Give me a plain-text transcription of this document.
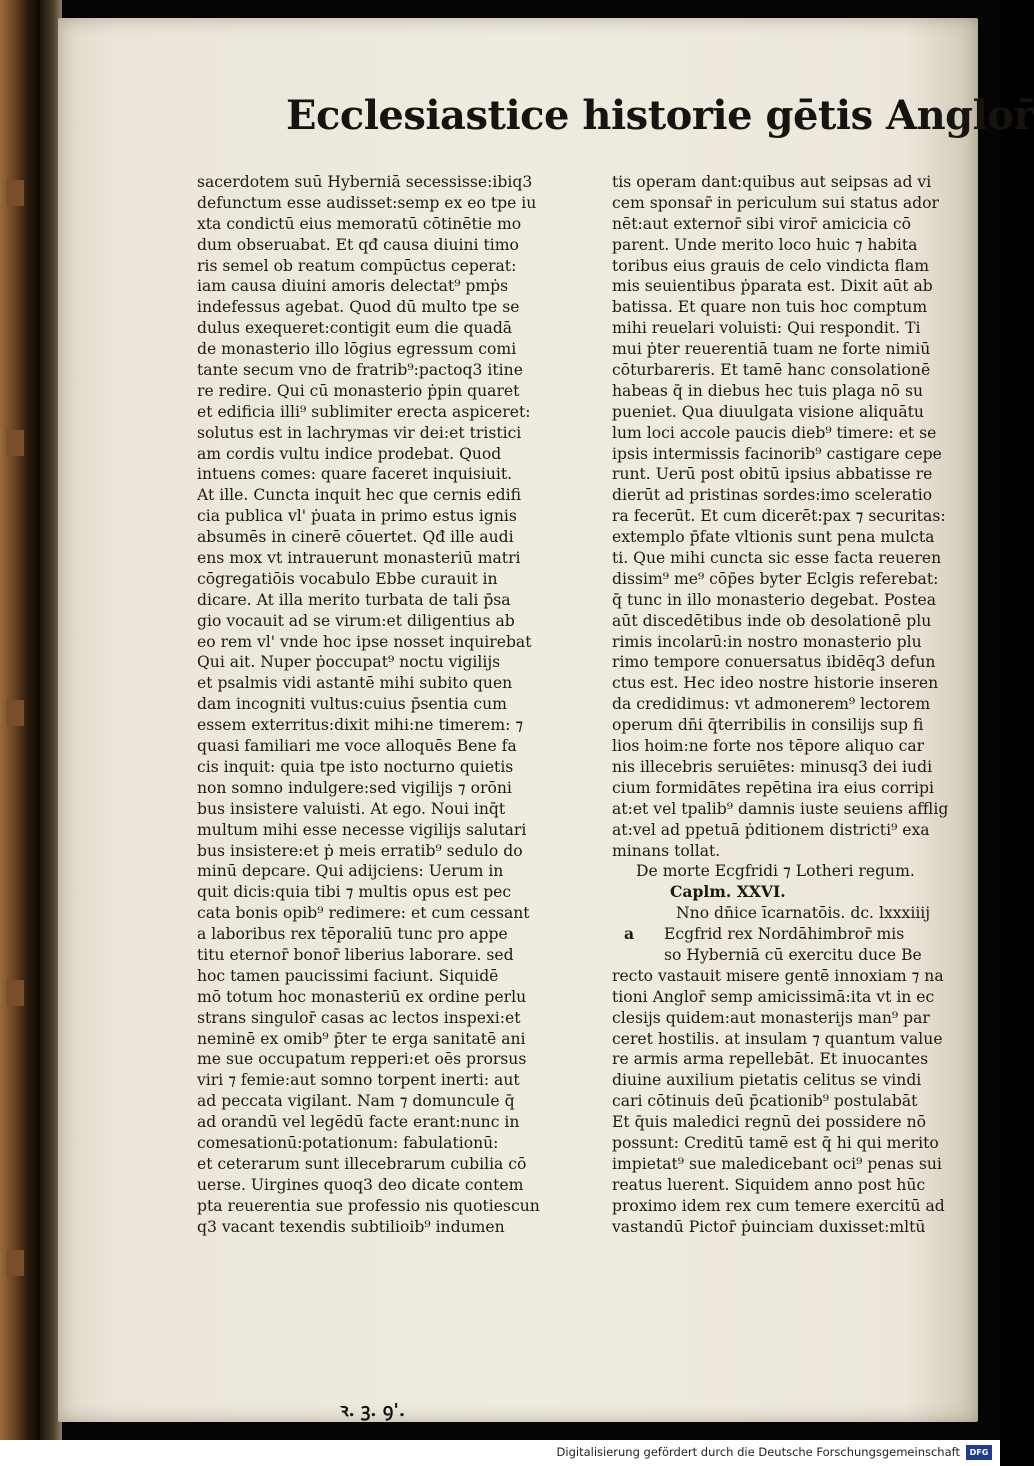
Ecclesiastice historie gētis Anglor̄
sacerdotem suū Hyberniā secessisse:ibiq3
defunctum esse audisset:semp ex eo tpe iu
xta condictū eius memoratū cōtinētie mo
dum obseruabat. Et qđ causa diuini timo
ris semel ob reatum compūctus ceperat:
iam causa diuini amoris delectat⁹ pmṗs
indefessus agebat. Quod dū multo tpe se
dulus exequeret:contigit eum die quadā
de monasterio illo lōgius egressum comi
tante secum vno de fratrib⁹:pactoq3 itine
re redire. Qui cū monasterio ṗpin quaret
et edificia illi⁹ sublimiter erecta aspiceret:
solutus est in lachrymas vir dei:et tristici
am cordis vultu indice prodebat. Quod
intuens comes: quare faceret inquisiuit.
At ille. Cuncta inquit hec que cernis edifi
cia publica vl' ṗuata in primo estus ignis
absumēs in cinerē cōuertet. Qđ ille audi
ens mox vt intrauerunt monasteriū matri
cōgregatiōis vocabulo Ebbe curauit in
dicare. At illa merito turbata de tali p̄sa
gio vocauit ad se virum:et diligentius ab
eo rem vl' vnde hoc ipse nosset inquirebat
Qui ait. Nuper ṗoccupat⁹ noctu vigilijs
et psalmis vidi astantē mihi subito quen
dam incogniti vultus:cuius p̄sentia cum
essem exterritus:dixit mihi:ne timerem: ⁊
quasi familiari me voce alloquēs Bene fa
cis inquit: quia tpe isto nocturno quietis
non somno indulgere:sed vigilijs ⁊ orōni
bus insistere valuisti. At ego. Noui inq̄t
multum mihi esse necesse vigilijs salutari
bus insistere:et ṗ meis erratib⁹ sedulo do
minū depcare. Qui adijciens: Uerum in
quit dicis:quia tibi ⁊ multis opus est pec
cata bonis opib⁹ redimere: et cum cessant
a laboribus rex tēporaliū tunc pro appe
titu eternor̄ bonor̄ liberius laborare. sed
hoc tamen paucissimi faciunt. Siquidē
mō totum hoc monasteriū ex ordine perlu
strans singulor̄ casas ac lectos inspexi:et
neminē ex omib⁹ p̄ter te erga sanitatē ani
me sue occupatum repperi:et oēs prorsus
viri ⁊ femie:aut somno torpent inerti: aut
ad peccata vigilant. Nam ⁊ domuncule q̄
ad orandū vel legēdū facte erant:nunc in
comesationū:potationum: fabulationū:
et ceterarum sunt illecebrarum cubilia cō
uerse. Uirgines quoq3 deo dicate contem
pta reuerentia sue professio nis quotiescun
q3 vacant texendis subtilioib⁹ indumen
tis operam dant:quibus aut seipsas ad vi
cem sponsar̄ in periculum sui status ador
nēt:aut externor̄ sibi viror̄ amicicia cō
parent. Unde merito loco huic ⁊ habita
toribus eius grauis de celo vindicta flam
mis seuientibus ṗparata est. Dixit aūt ab
batissa. Et quare non tuis hoc comptum
mihi reuelari voluisti: Qui respondit. Ti
mui ṗter reuerentiā tuam ne forte nimiū
cōturbareris. Et tamē hanc consolationē
habeas q̄ in diebus hec tuis plaga nō su
pueniet. Qua diuulgata visione aliquātu
lum loci accole paucis dieb⁹ timere: et se
ipsis intermissis facinorib⁹ castigare cepe
runt. Uerū post obitū ipsius abbatisse re
dierūt ad pristinas sordes:imo sceleratio
ra fecerūt. Et cum dicerēt:pax ⁊ securitas:
extemplo p̄fate vltionis sunt pena mulcta
ti. Que mihi cuncta sic esse facta reueren
dissim⁹ me⁹ cōp̄es byter Eclgis referebat:
q̄ tunc in illo monasterio degebat. Postea
aūt discedētibus inde ob desolationē plu
rimis incolarū:in nostro monasterio plu
rimo tempore conuersatus ibidēq3 defun
ctus est. Hec ideo nostre historie inseren
da credidimus: vt admonerem⁹ lectorem
operum dn̄i q̄terribilis in consilijs sup fi
lios hoim:ne forte nos tēpore aliquo car
nis illecebris seruiētes: minusq3 dei iudi
cium formidātes repētina ira eius corripi
at:et vel tpalib⁹ damnis iuste seuiens afflig
at:vel ad ppetuā ṗditionem districti⁹ exa
minans tollat.
De morte Ecgfridi ⁊ Lotheri regum.
Caplm. XXVI.
Nno dn̄ice īcarnatōis. dc. lxxxiiij
a Ecgfrid rex Nordāhimbror̄ mis
so Hyberniā cū exercitu duce Be
recto vastauit misere gentē innoxiam ⁊ na
tioni Anglor̄ semp amicissimā:ita vt in ec
clesijs quidem:aut monasterijs man⁹ par
ceret hostilis. at insulam ⁊ quantum value
re armis arma repellebāt. Et inuocantes
diuine auxilium pietatis celitus se vindi
cari cōtinuis deū p̄cationib⁹ postulabāt
Et q̄uis maledici regnū dei possidere nō
possunt: Creditū tamē est q̄ hi qui merito
impietat⁹ sue maledicebant oci⁹ penas sui
reatus luerent. Siquidem anno post hūc
proximo idem rex cum temere exercitū ad
vastandū Pictor̄ ṗuinciam duxisset:mltū
ꝛ. ꝫ. ꝯ'.
Digitalisierung gefördert durch die Deutsche Forschungsgemeinschaft	DFG
